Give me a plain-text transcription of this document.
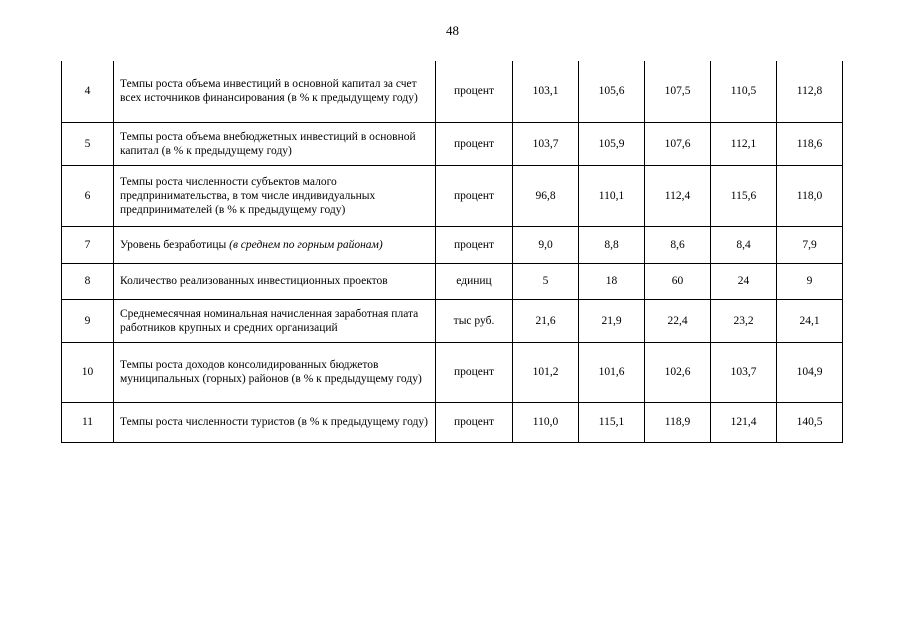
48
4	Темпы роста объема инвестиций в основной капитал за счет всех источников финансирования (в % к предыдущему году)	процент	103,1	105,6	107,5	110,5	112,8
5	Темпы роста объема внебюджетных инвестиций в основной капитал (в % к предыдущему году)	процент	103,7	105,9	107,6	112,1	118,6
6	Темпы роста численности субъектов малого предпринимательства, в том числе индивидуальных предпринимателей (в % к предыдущему году)	процент	96,8	110,1	112,4	115,6	118,0
7	Уровень безработицы (в среднем по горным районам)	процент	9,0	8,8	8,6	8,4	7,9
8	Количество реализованных инвестиционных проектов	единиц	5	18	60	24	9
9	Среднемесячная номинальная начисленная заработная плата работников крупных и средних организаций	тыс руб.	21,6	21,9	22,4	23,2	24,1
10	Темпы роста доходов консолидированных бюджетов муниципальных (горных) районов (в % к предыдущему году)	процент	101,2	101,6	102,6	103,7	104,9
11	Темпы роста численности туристов (в % к предыдущему году)	процент	110,0	115,1	118,9	121,4	140,5
